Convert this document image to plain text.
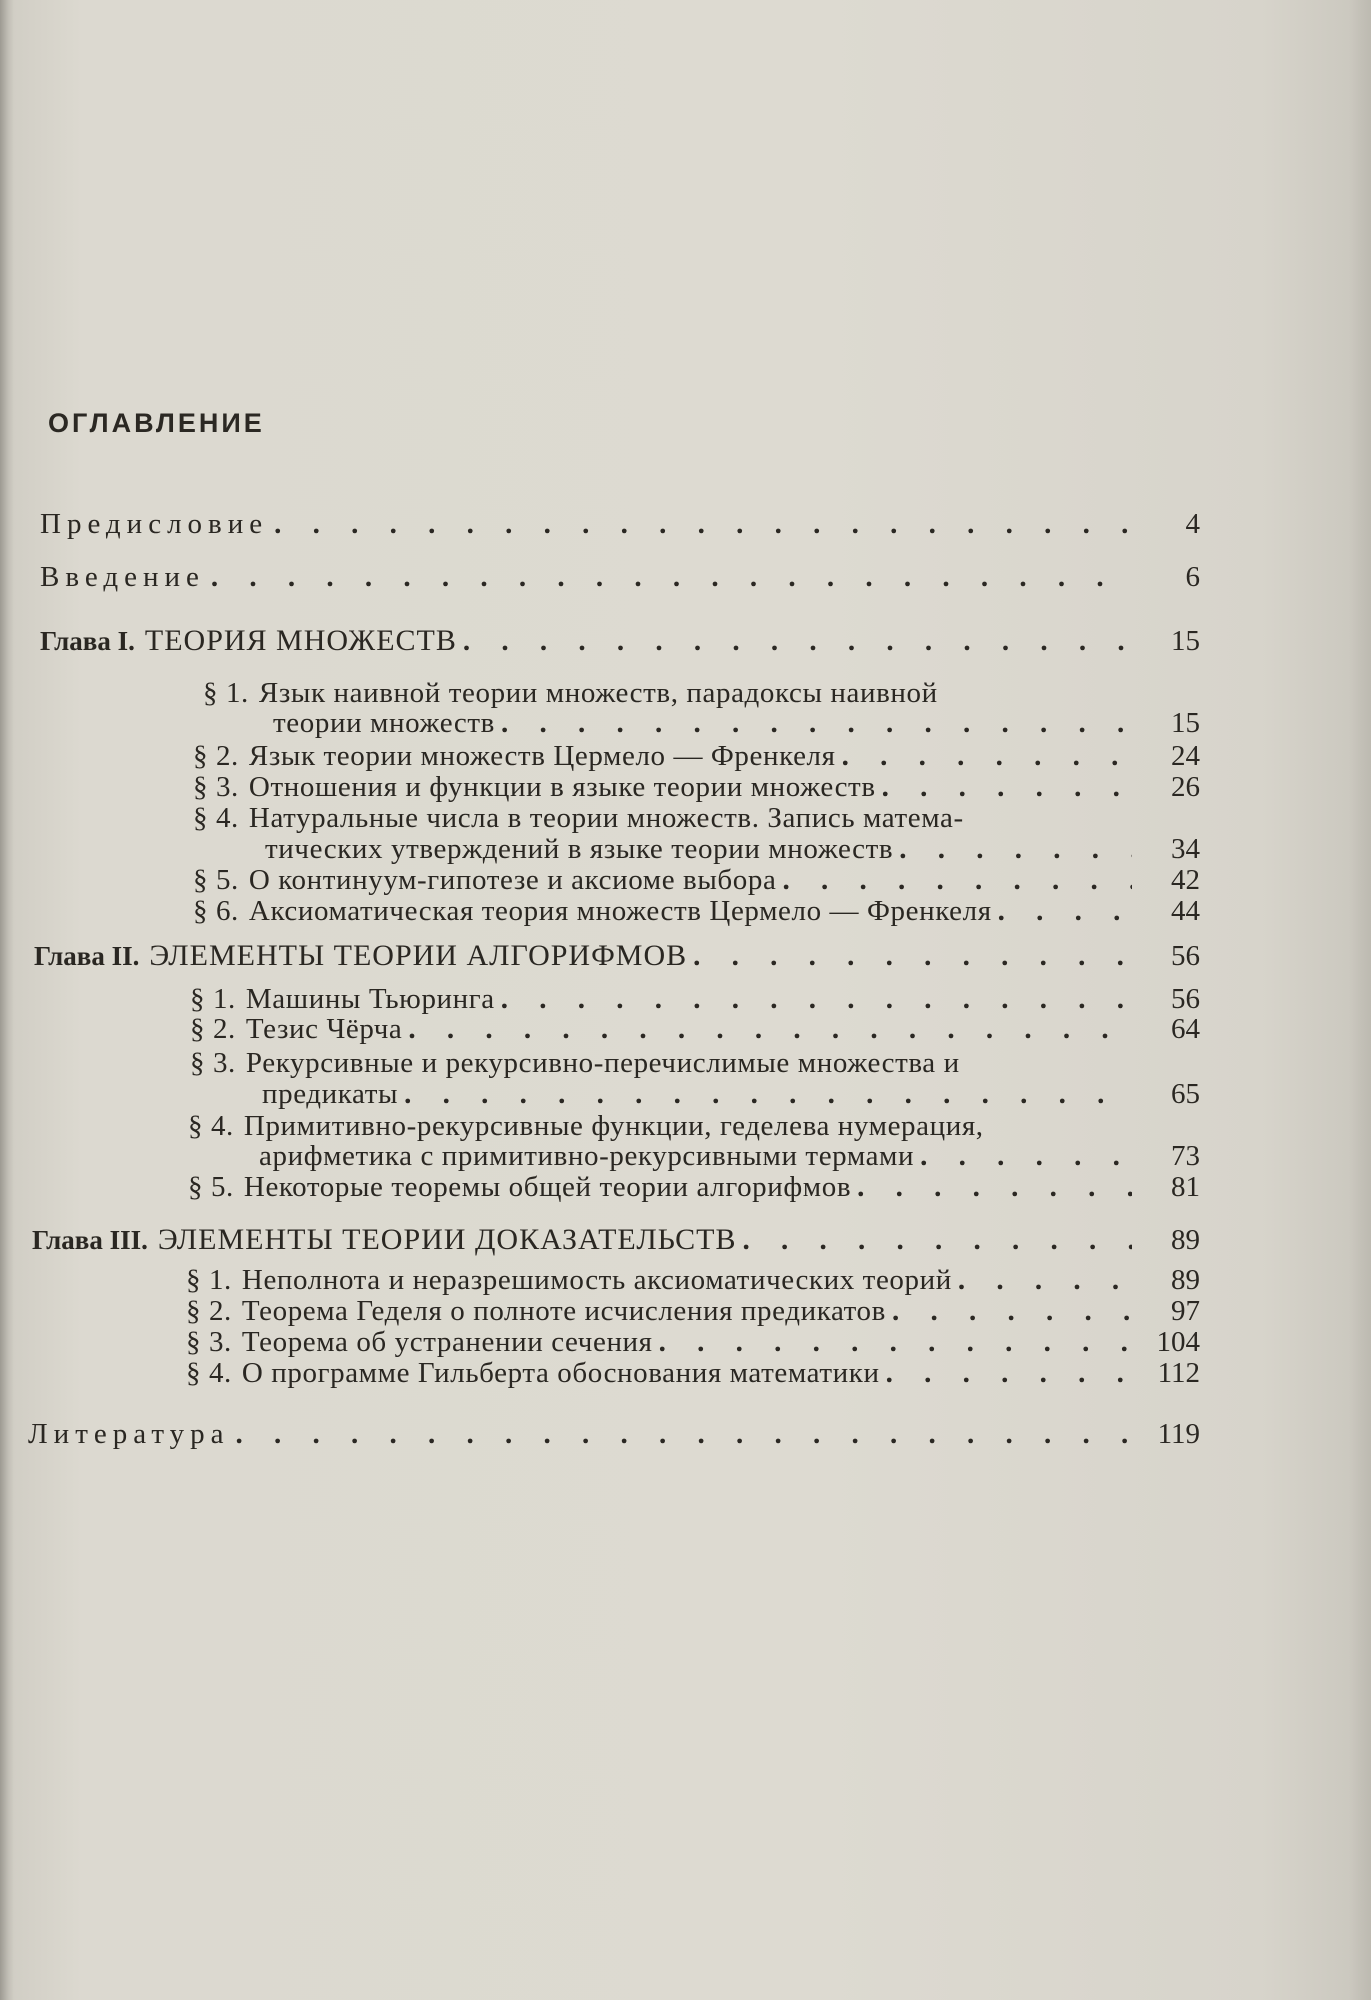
ОГЛАВЛЕНИЕ
Предисловие . . .	4
Введение . . .	6
Глава I. ТЕОРИЯ МНОЖЕСТВ . . .	15
§ 1. Язык наивной теории множеств, парадоксы наивной
теории множеств . . .	15
§ 2. Язык теории множеств Цермело — Френкеля . . .	24
§ 3. Отношения и функции в языке теории множеств . . .	26
§ 4. Натуральные числа в теории множеств. Запись матема-
тических утверждений в языке теории множеств . . .	34
§ 5. О континуум-гипотезе и аксиоме выбора . . .	42
§ 6. Аксиоматическая теория множеств Цермело — Френкеля . . .	44
Глава II. ЭЛЕМЕНТЫ ТЕОРИИ АЛГОРИФМОВ . . .	56
§ 1. Машины Тьюринга . . .	56
§ 2. Тезис Чёрча . . .	64
§ 3. Рекурсивные и рекурсивно-перечислимые множества и
предикаты . . .	65
§ 4. Примитивно-рекурсивные функции, геделева нумерация,
арифметика с примитивно-рекурсивными термами . . .	73
§ 5. Некоторые теоремы общей теории алгорифмов . . .	81
Глава III. ЭЛЕМЕНТЫ ТЕОРИИ ДОКАЗАТЕЛЬСТВ . . .	89
§ 1. Неполнота и неразрешимость аксиоматических теорий . . .	89
§ 2. Теорема Геделя о полноте исчисления предикатов . . .	97
§ 3. Теорема об устранении сечения . . .	104
§ 4. О программе Гильберта обоснования математики . . .	112
Литература . . .	119
